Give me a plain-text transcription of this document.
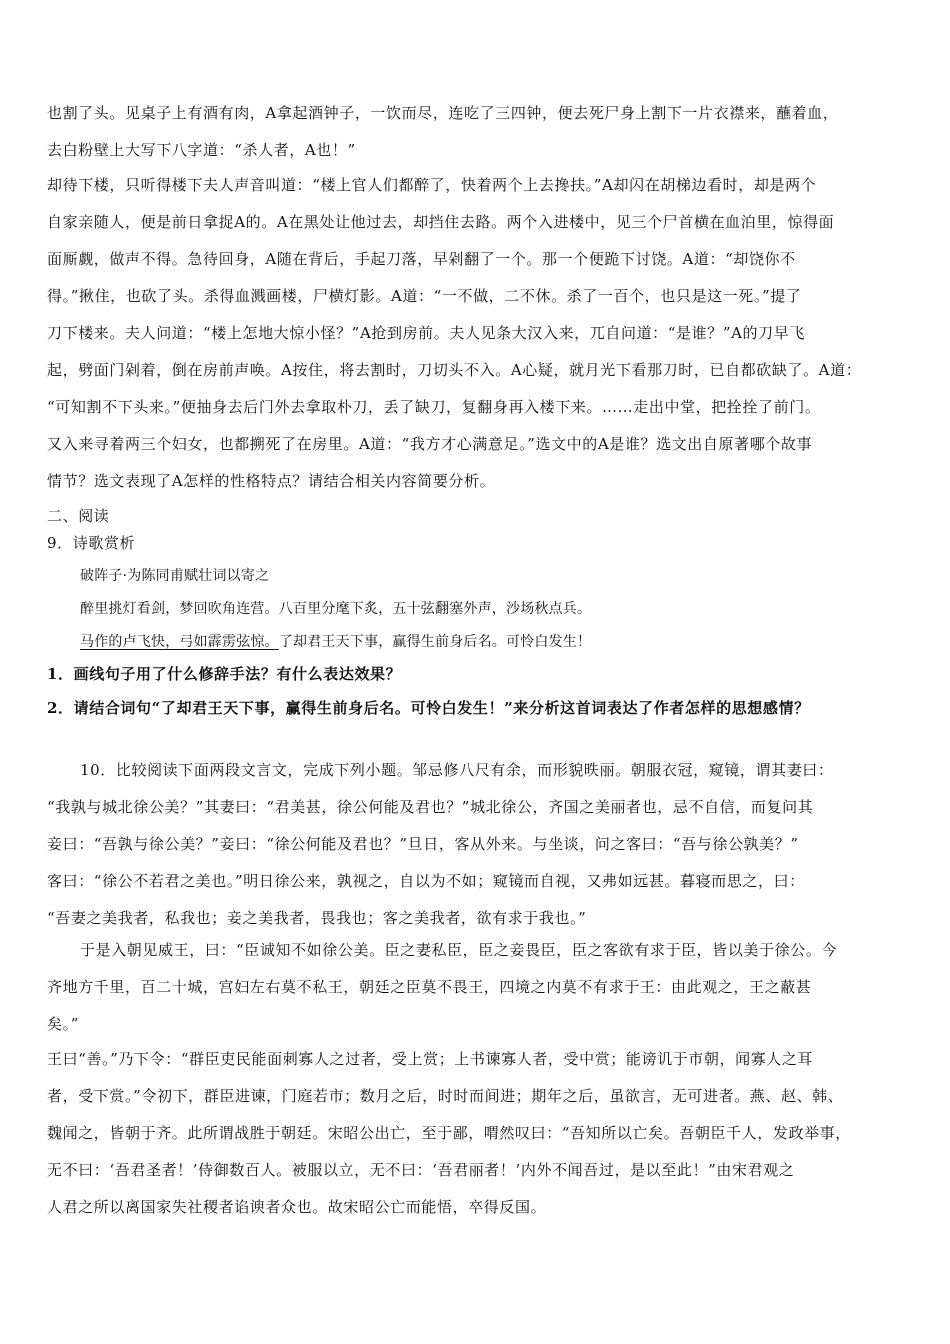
也割了头。见桌子上有酒有肉，A拿起酒钟子，一饮而尽，连吃了三四钟，便去死尸身上割下一片衣襟来，蘸着血，
去白粉壁上大写下八字道：“杀人者，A也！”
却待下楼，只听得楼下夫人声音叫道：“楼上官人们都醉了，快着两个上去搀扶。”A却闪在胡梯边看时，却是两个
自家亲随人，便是前日拿捉A的。A在黑处让他过去，却挡住去路。两个入进楼中，见三个尸首横在血泊里，惊得面
面厮觑，做声不得。急待回身，A随在背后，手起刀落，早剁翻了一个。那一个便跪下讨饶。A道：“却饶你不
得。”揪住，也砍了头。杀得血溅画楼，尸横灯影。A道：“一不做，二不休。杀了一百个，也只是这一死。”提了
刀下楼来。夫人问道：“楼上怎地大惊小怪？”A抢到房前。夫人见条大汉入来，兀自问道：“是谁？”A的刀早飞
起，劈面门剁着，倒在房前声唤。A按住，将去割时，刀切头不入。A心疑，就月光下看那刀时，已自都砍缺了。A道：
“可知割不下头来。”便抽身去后门外去拿取朴刀，丢了缺刀，复翻身再入楼下来。……走出中堂，把拴拴了前门。
又入来寻着两三个妇女，也都搠死了在房里。A道：“我方才心满意足。”选文中的A是谁？选文出自原著哪个故事
情节？选文表现了A怎样的性格特点？请结合相关内容简要分析。
二、阅读
9．诗歌赏析
破阵子·为陈同甫赋壮词以寄之
醉里挑灯看剑，梦回吹角连营。八百里分麾下炙，五十弦翻塞外声，沙场秋点兵。
马作的卢飞快，弓如霹雳弦惊。了却君王天下事，赢得生前身后名。可怜白发生！
1．画线句子用了什么修辞手法？有什么表达效果？
2．请结合词句“了却君王天下事，赢得生前身后名。可怜白发生！”来分析这首词表达了作者怎样的思想感情？
10．比较阅读下面两段文言文，完成下列小题。邹忌修八尺有余，而形貌昳丽。朝服衣冠，窥镜，谓其妻曰：
“我孰与城北徐公美？”其妻曰：“君美甚，徐公何能及君也？”城北徐公，齐国之美丽者也，忌不自信，而复问其
妾曰：“吾孰与徐公美？”妾曰：“徐公何能及君也？”旦日，客从外来。与坐谈，问之客曰：“吾与徐公孰美？”
客曰：“徐公不若君之美也。”明日徐公来，孰视之，自以为不如；窥镜而自视，又弗如远甚。暮寝而思之，曰：
“吾妻之美我者，私我也；妾之美我者，畏我也；客之美我者，欲有求于我也。”
于是入朝见威王，曰：“臣诚知不如徐公美。臣之妻私臣，臣之妾畏臣，臣之客欲有求于臣，皆以美于徐公。今
齐地方千里，百二十城，宫妇左右莫不私王，朝廷之臣莫不畏王，四境之内莫不有求于王：由此观之，王之蔽甚
矣。”
王曰“善。”乃下令：“群臣吏民能面刺寡人之过者，受上赏；上书谏寡人者，受中赏；能谤讥于市朝，闻寡人之耳
者，受下赏。”令初下，群臣进谏，门庭若市；数月之后，时时而间进；期年之后，虽欲言，无可进者。燕、赵、韩、
魏闻之，皆朝于齐。此所谓战胜于朝廷。宋昭公出亡，至于鄙，喟然叹曰：“吾知所以亡矣。吾朝臣千人，发政举事，
无不曰：‘吾君圣者！’侍御数百人。被服以立，无不曰：‘吾君丽者！’内外不闻吾过，是以至此！”由宋君观之
人君之所以离国家失社稷者谄谀者众也。故宋昭公亡而能悟，卒得反国。
